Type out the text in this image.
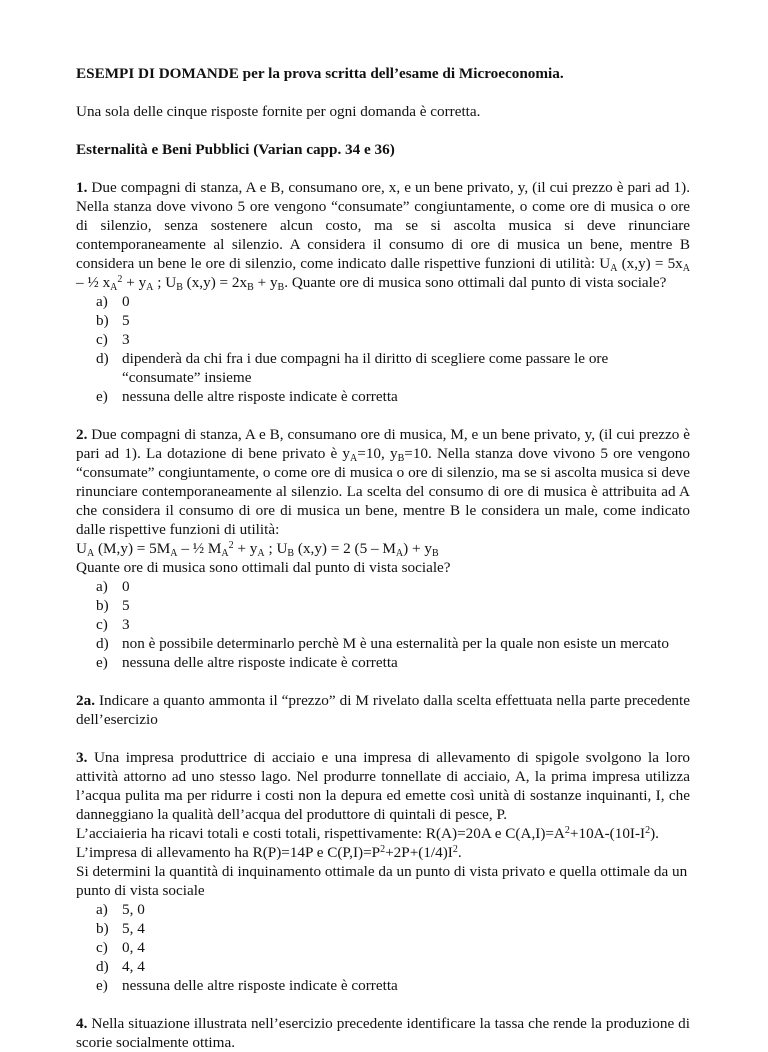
ESEMPI DI DOMANDE per la prova scritta dell’esame di Microeconomia.

Una sola delle cinque risposte fornite per ogni domanda è corretta.

Esternalità e Beni Pubblici (Varian capp. 34 e 36)

1. Due compagni di stanza, A e B, consumano ore, x, e un bene privato, y, (il cui prezzo è pari ad 1). Nella stanza dove vivono 5 ore vengono “consumate” congiuntamente, o come ore di musica o ore di silenzio, senza sostenere alcun costo, ma se si ascolta musica si deve rinunciare contemporaneamente al silenzio. A considera il consumo di ore di musica un bene, mentre B considera un bene le ore di silenzio, come indicato dalle rispettive funzioni di utilità: $U_A$ $(x,y) = 5x_A$ – ½ $x_A^2 + y_A$ ; $U_B$ $(x,y) = 2x_B + y_B$. Quante ore di musica sono ottimali dal punto di vista sociale?

a) 0
b) 5
c) 3
d) dipenderà da chi fra i due compagni ha il diritto di scegliere come passare le ore “consumate” insieme
e) nessuna delle altre risposte indicate è corretta

2. Due compagni di stanza, A e B, consumano ore di musica, M, e un bene privato, y, (il cui prezzo è pari ad 1). La dotazione di bene privato è $y_A=10$, $y_B=10$. Nella stanza dove vivono 5 ore vengono “consumate” congiuntamente, o come ore di musica o ore di silenzio, ma se si ascolta musica si deve rinunciare contemporaneamente al silenzio. La scelta del consumo di ore di musica è attribuita ad A che considera il consumo di ore di musica un bene, mentre B le considera un male, come indicato dalle rispettive funzioni di utilità:

$U_A$ $(M,y) = 5M_A$ – ½ $M_A^2 + y_A$ ; $U_B$ (x,y) = 2 $(5 - M_A) + y_B$

Quante ore di musica sono ottimali dal punto di vista sociale?

a) 0
b) 5
c) 3
d) non è possibile determinarlo perchè M è una esternalità per la quale non esiste un mercato
e) nessuna delle altre risposte indicate è corretta

2a. Indicare a quanto ammonta il “prezzo” di M rivelato dalla scelta effettuata nella parte precedente dell’esercizio

3. Una impresa produttrice di acciaio e una impresa di allevamento di spigole svolgono la loro attività attorno ad uno stesso lago. Nel produrre tonnellate di acciaio, A, la prima impresa utilizza l’acqua pulita ma per ridurre i costi non la depura ed emette così unità di sostanze inquinanti, I, che danneggiano la qualità dell’acqua del produttore di quintali di pesce, P.

L’acciaieria ha ricavi totali e costi totali, rispettivamente: R(A)=20A e $C(A,I)=A^2+10A-(10I-I^2)$.

L’impresa di allevamento ha R(P)=14P e $C(P,I)=P^2+2P+(1/4)I^2$.

Si determini la quantità di inquinamento ottimale da un punto di vista privato e quella ottimale da un punto di vista sociale

a) 5, 0
b) 5, 4
c) 0, 4
d) 4, 4
e) nessuna delle altre risposte indicate è corretta

4. Nella situazione illustrata nell’esercizio precedente identificare la tassa che rende la produzione di scorie socialmente ottima.
